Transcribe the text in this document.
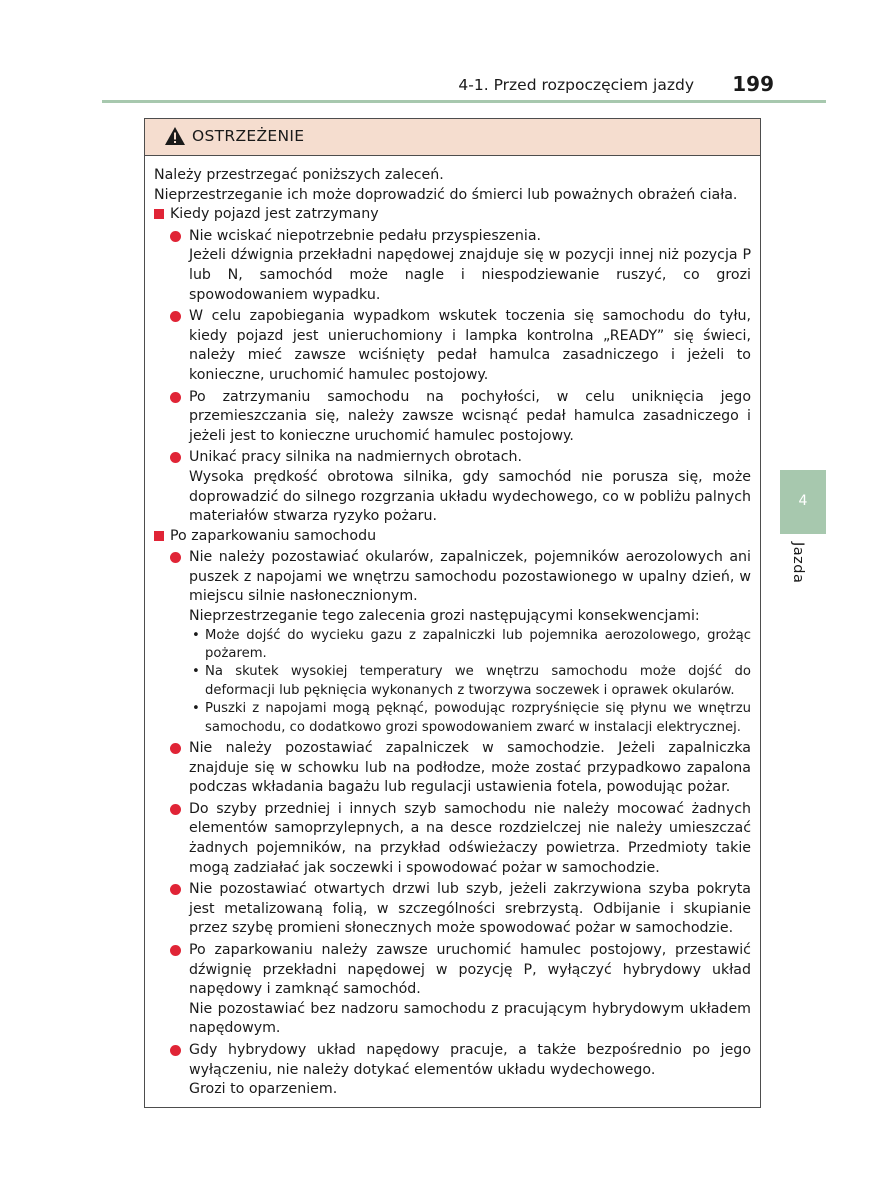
4-1. Przed rozpoczęciem jazdy 199
4
Jazda
OSTRZEŻENIE

Należy przestrzegać poniższych zaleceń.

Nieprzestrzeganie ich może doprowadzić do śmierci lub poważnych obrażeń ciała.

Kiedy pojazd jest zatrzymany

Nie wciskać niepotrzebnie pedału przyspieszenia.

Jeżeli dźwignia przekładni napędowej znajduje się w pozycji innej niż pozycja P lub N, samochód może nagle i niespodziewanie ruszyć, co grozi spowodowaniem wypadku.

W celu zapobiegania wypadkom wskutek toczenia się samochodu do tyłu, kiedy pojazd jest unieruchomiony i lampka kontrolna „READY” się świeci, należy mieć zawsze wciśnięty pedał hamulca zasadniczego i jeżeli to konieczne, uruchomić hamulec postojowy.

Po zatrzymaniu samochodu na pochyłości, w celu uniknięcia jego przemieszczania się, należy zawsze wcisnąć pedał hamulca zasadniczego i jeżeli jest to konieczne uruchomić hamulec postojowy.

Unikać pracy silnika na nadmiernych obrotach.

Wysoka prędkość obrotowa silnika, gdy samochód nie porusza się, może doprowadzić do silnego rozgrzania układu wydechowego, co w pobliżu palnych materiałów stwarza ryzyko pożaru.

Po zaparkowaniu samochodu

Nie należy pozostawiać okularów, zapalniczek, pojemników aerozolowych ani puszek z napojami we wnętrzu samochodu pozostawionego w upalny dzień, w miejscu silnie nasłonecznionym.

Nieprzestrzeganie tego zalecenia grozi następującymi konsekwencjami:

• Może dojść do wycieku gazu z zapalniczki lub pojemnika aerozolowego, grożąc pożarem.
• Na skutek wysokiej temperatury we wnętrzu samochodu może dojść do deformacji lub pęknięcia wykonanych z tworzywa soczewek i oprawek okularów.
• Puszki z napojami mogą pęknąć, powodując rozpryśnięcie się płynu we wnętrzu samochodu, co dodatkowo grozi spowodowaniem zwarć w instalacji elektrycznej.

Nie należy pozostawiać zapalniczek w samochodzie. Jeżeli zapalniczka znajduje się w schowku lub na podłodze, może zostać przypadkowo zapalona podczas wkładania bagażu lub regulacji ustawienia fotela, powodując pożar.

Do szyby przedniej i innych szyb samochodu nie należy mocować żadnych elementów samoprzylepnych, a na desce rozdzielczej nie należy umieszczać żadnych pojemników, na przykład odświeżaczy powietrza. Przedmioty takie mogą zadziałać jak soczewki i spowodować pożar w samochodzie.

Nie pozostawiać otwartych drzwi lub szyb, jeżeli zakrzywiona szyba pokryta jest metalizowaną folią, w szczególności srebrzystą. Odbijanie i skupianie przez szybę promieni słonecznych może spowodować pożar w samochodzie.

Po zaparkowaniu należy zawsze uruchomić hamulec postojowy, przestawić dźwignię przekładni napędowej w pozycję P, wyłączyć hybrydowy układ napędowy i zamknąć samochód.

Nie pozostawiać bez nadzoru samochodu z pracującym hybrydowym układem napędowym.

Gdy hybrydowy układ napędowy pracuje, a także bezpośrednio po jego wyłączeniu, nie należy dotykać elementów układu wydechowego.

Grozi to oparzeniem.
